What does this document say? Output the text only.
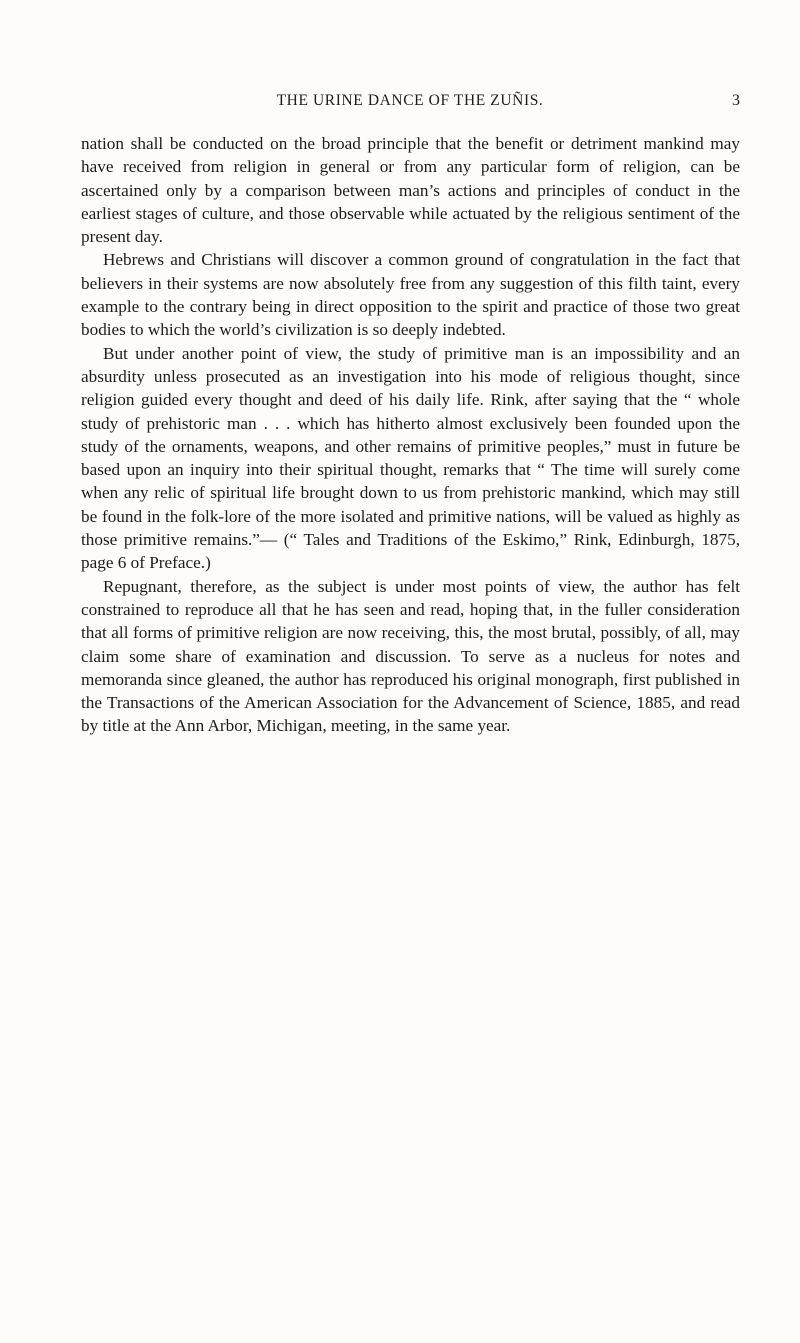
THE URINE DANCE OF THE ZUÑIS.	3

nation shall be conducted on the broad principle that the benefit or detriment mankind may have received from religion in general or from any particular form of religion, can be ascertained only by a comparison between man’s actions and principles of conduct in the earliest stages of culture, and those observable while actuated by the religious sentiment of the present day.

Hebrews and Christians will discover a common ground of congratulation in the fact that believers in their systems are now absolutely free from any suggestion of this filth taint, every example to the contrary being in direct opposition to the spirit and practice of those two great bodies to which the world’s civilization is so deeply indebted.

But under another point of view, the study of primitive man is an impossibility and an absurdity unless prosecuted as an investigation into his mode of religious thought, since religion guided every thought and deed of his daily life. Rink, after saying that the “ whole study of prehistoric man . . . which has hitherto almost exclusively been founded upon the study of the ornaments, weapons, and other remains of primitive peoples,” must in future be based upon an inquiry into their spiritual thought, remarks that “ The time will surely come when any relic of spiritual life brought down to us from prehistoric mankind, which may still be found in the folk-lore of the more isolated and primitive nations, will be valued as highly as those primitive remains.”— (“ Tales and Traditions of the Eskimo,” Rink, Edinburgh, 1875, page 6 of Preface.)

Repugnant, therefore, as the subject is under most points of view, the author has felt constrained to reproduce all that he has seen and read, hoping that, in the fuller consideration that all forms of primitive religion are now receiving, this, the most brutal, possibly, of all, may claim some share of examination and discussion. To serve as a nucleus for notes and memoranda since gleaned, the author has reproduced his original monograph, first published in the Transactions of the American Association for the Advancement of Science, 1885, and read by title at the Ann Arbor, Michigan, meeting, in the same year.
